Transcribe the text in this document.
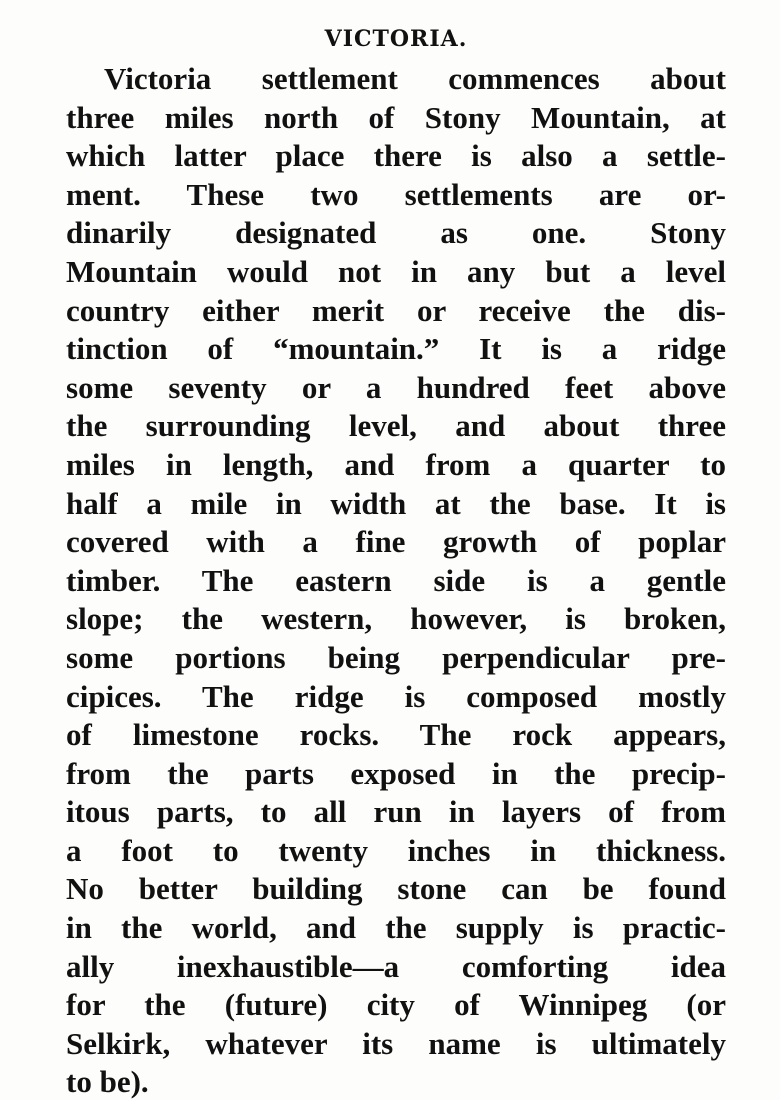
VICTORIA.
Victoria settlement commences about
three miles north of Stony Mountain, at
which latter place there is also a settle-
ment. These two settlements are or-
dinarily designated as one. Stony
Mountain would not in any but a level
country either merit or receive the dis-
tinction of “mountain.” It is a ridge
some seventy or a hundred feet above
the surrounding level, and about three
miles in length, and from a quarter to
half a mile in width at the base. It is
covered with a fine growth of poplar
timber. The eastern side is a gentle
slope; the western, however, is broken,
some portions being perpendicular pre-
cipices. The ridge is composed mostly
of limestone rocks. The rock appears,
from the parts exposed in the precip-
itous parts, to all run in layers of from
a foot to twenty inches in thickness.
No better building stone can be found
in the world, and the supply is practic-
ally inexhaustible—a comforting idea
for the (future) city of Winnipeg (or
Selkirk, whatever its name is ultimately
to be).
